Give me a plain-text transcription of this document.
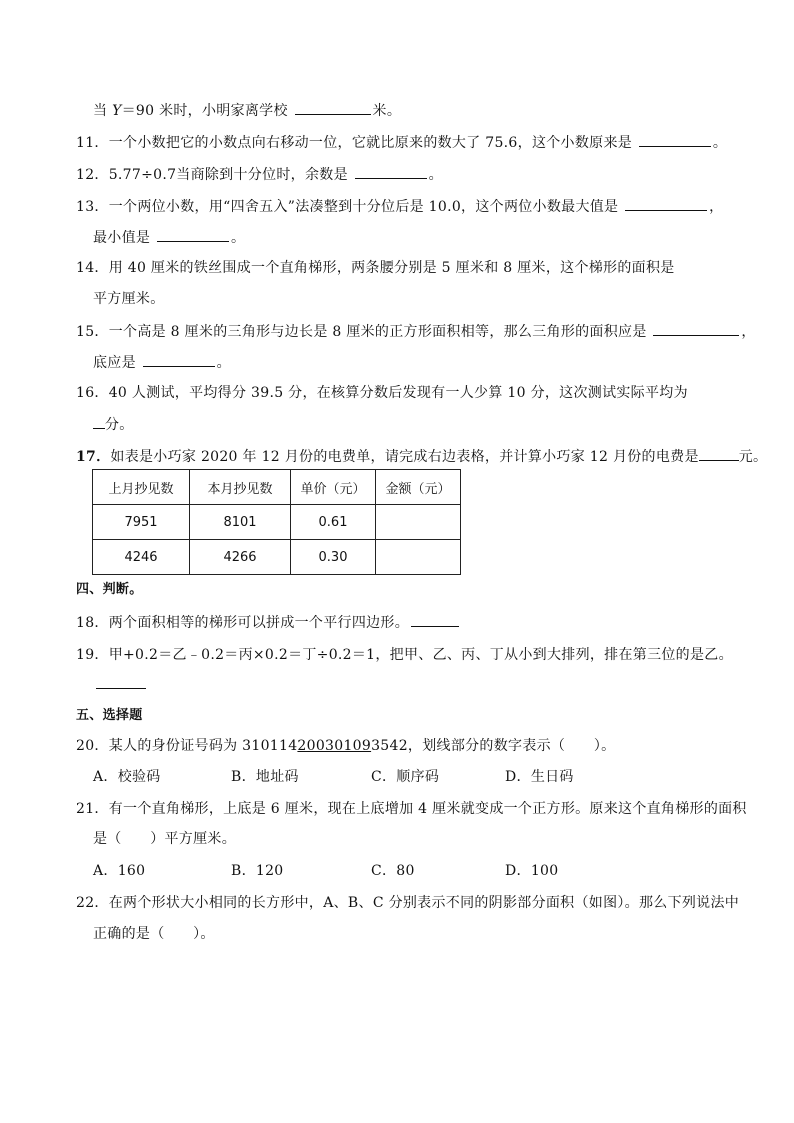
当 Y＝90 米时，小明家离学校	米。
11．一个小数把它的小数点向右移动一位，它就比原来的数大了 75.6，这个小数原来是	。
12．5.77÷0.7当商除到十分位时，余数是	。
13．一个两位小数，用“四舍五入”法凑整到十分位后是 10.0，这个两位小数最大值是	，
最小值是	。
14．用 40 厘米的铁丝围成一个直角梯形，两条腰分别是 5 厘米和 8 厘米，这个梯形的面积是
平方厘米。
15．一个高是 8 厘米的三角形与边长是 8 厘米的正方形面积相等，那么三角形的面积应是	，
底应是	。
16．40 人测试，平均得分 39.5 分，在核算分数后发现有一人少算 10 分，这次测试实际平均为
分。
17．如表是小巧家 2020 年 12 月份的电费单，请完成右边表格，并计算小巧家 12 月份的电费是	元。
上月抄见数	本月抄见数	单价（元）	金额（元）
7951	8101	0.61	
4246	4266	0.30	
四、判断。
18．两个面积相等的梯形可以拼成一个平行四边形。
19．甲+0.2＝乙﹣0.2＝丙×0.2＝丁÷0.2＝1，把甲、乙、丙、丁从小到大排列，排在第三位的是乙。
五、选择题
20．某人的身份证号码为 310114200301093542，划线部分的数字表示（　　）。
A．校验码	B．地址码	C．顺序码	D．生日码
21．有一个直角梯形，上底是 6 厘米，现在上底增加 4 厘米就变成一个正方形。原来这个直角梯形的面积
是（　　）平方厘米。
A．160	B．120	C．80	D．100
22．在两个形状大小相同的长方形中，A、B、C 分别表示不同的阴影部分面积（如图）。那么下列说法中
正确的是（　　）。
